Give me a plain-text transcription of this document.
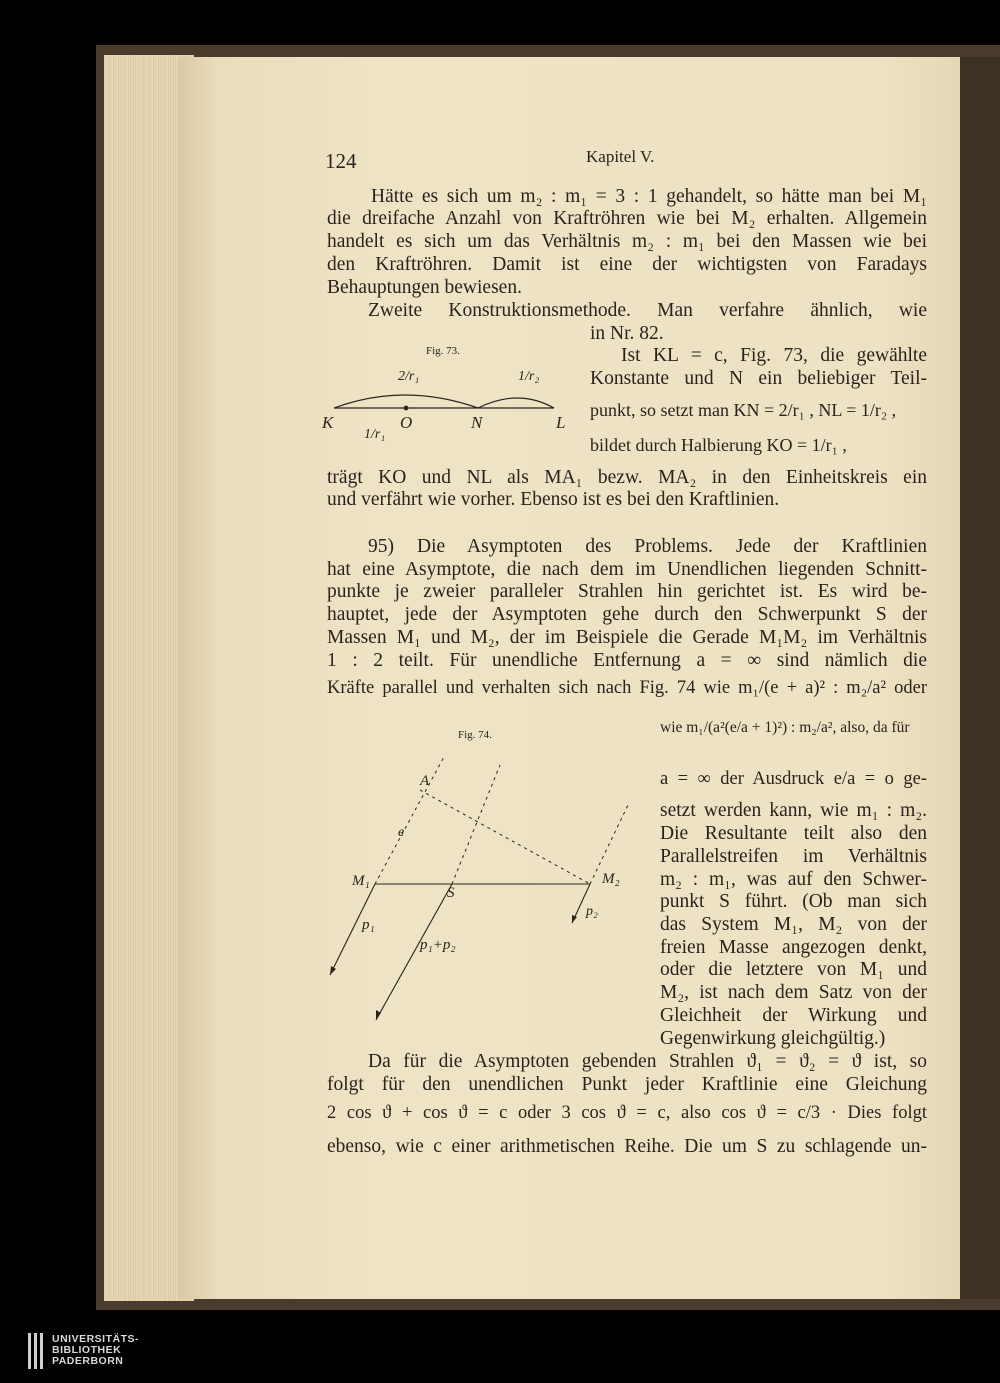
124	Kapitel V.
Hätte es sich um m₂ : m₁ = 3 : 1 gehandelt, so hätte man bei M₁
die dreifache Anzahl von Kraftröhren wie bei M₂ erhalten. Allgemein
handelt es sich um das Verhältnis m₂ : m₁ bei den Massen wie bei
den Kraftröhren. Damit ist eine der wichtigsten von Faradays
Behauptungen bewiesen.
Zweite Konstruktionsmethode. Man verfahre ähnlich, wie
in Nr. 82.
Ist KL = c, Fig. 73, die gewählte
Konstante und N ein beliebiger Teil-
punkt, so setzt man KN = 2/r₁ , NL = 1/r₂ ,
bildet durch Halbierung KO = 1/r₁ ,
Fig. 73.
K	O	N	L
2/r₁	1/r₂
1/r₁
trägt KO und NL als MA₁ bezw. MA₂ in den Einheitskreis ein
und verfährt wie vorher. Ebenso ist es bei den Kraftlinien.
95) Die Asymptoten des Problems. Jede der Kraftlinien
hat eine Asymptote, die nach dem im Unendlichen liegenden Schnitt-
punkte je zweier paralleler Strahlen hin gerichtet ist. Es wird be-
hauptet, jede der Asymptoten gehe durch den Schwerpunkt S der
Massen M₁ und M₂, der im Beispiele die Gerade M₁M₂ im Verhältnis
1 : 2 teilt. Für unendliche Entfernung a = ∞ sind nämlich die
Kräfte parallel und verhalten sich nach Fig. 74 wie m₁/(e + a)² : m₂/a² oder
wie m₁/(a²(e/a + 1)²) : m₂/a², also, da für
a = ∞ der Ausdruck e/a = o ge-
setzt werden kann, wie m₁ : m₂.
Die Resultante teilt also den
Parallelstreifen im Verhältnis
m₂ : m₁, was auf den Schwer-
punkt S führt. (Ob man sich
das System M₁, M₂ von der
freien Masse angezogen denkt,
oder die letztere von M₁ und
M₂, ist nach dem Satz von der
Gleichheit der Wirkung und
Gegenwirkung gleichgültig.)
Fig. 74.
A
e
M₁	M₂
S
p₁
p₂
p₁+p₂
Da für die Asymptoten gebenden Strahlen ϑ₁ = ϑ₂ = ϑ ist, so
folgt für den unendlichen Punkt jeder Kraftlinie eine Gleichung
2 cos ϑ + cos ϑ = c oder 3 cos ϑ = c, also cos ϑ = c/3 · Dies folgt
ebenso, wie c einer arithmetischen Reihe. Die um S zu schlagende un-
UNIVERSITÄTS-
BIBLIOTHEK
PADERBORN
